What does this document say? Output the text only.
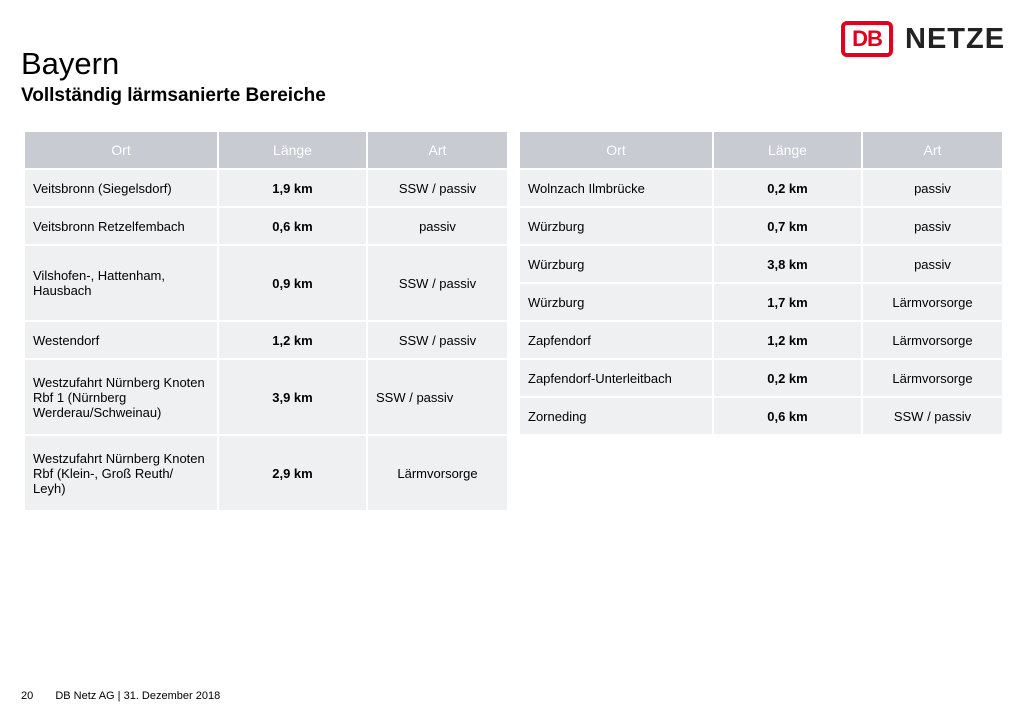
Bayern
Vollständig lärmsanierte Bereiche
DB NETZE
Ort	Länge	Art
Veitsbronn (Siegelsdorf)	1,9 km	SSW / passiv
Veitsbronn Retzelfembach	0,6 km	passiv
Vilshofen-, Hattenham, Hausbach	0,9 km	SSW / passiv
Westendorf	1,2 km	SSW / passiv
Westzufahrt Nürnberg Knoten Rbf 1 (Nürnberg Werderau/Schweinau)	3,9 km	SSW / passiv
Westzufahrt Nürnberg Knoten Rbf (Klein-, Groß Reuth/ Leyh)	2,9 km	Lärmvorsorge
Ort	Länge	Art
Wolnzach Ilmbrücke	0,2 km	passiv
Würzburg	0,7 km	passiv
Würzburg	3,8 km	passiv
Würzburg	1,7 km	Lärmvorsorge
Zapfendorf	1,2 km	Lärmvorsorge
Zapfendorf-Unterleitbach	0,2 km	Lärmvorsorge
Zorneding	0,6 km	SSW / passiv
20 DB Netz AG | 31. Dezember 2018
